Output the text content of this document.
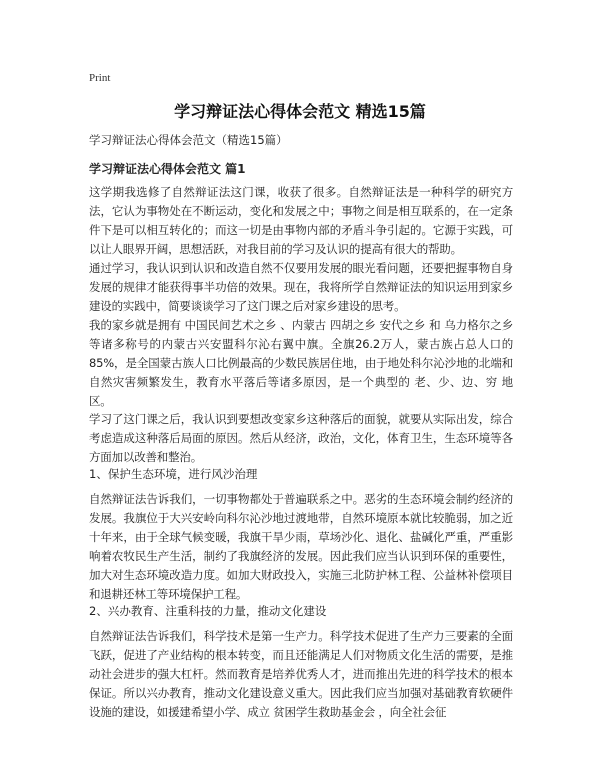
Print
学习辩证法心得体会范文 精选15篇
学习辩证法心得体会范文（精选15篇）
学习辩证法心得体会范文 篇1

这学期我选修了自然辩证法这门课，收获了很多。自然辩证法是一种科学的研究方法，它认为事物处在不断运动，变化和发展之中；事物之间是相互联系的，在一定条件下是可以相互转化的；而这一切是由事物内部的矛盾斗争引起的。它源于实践，可以让人眼界开阔，思想活跃，对我目前的学习及认识的提高有很大的帮助。

通过学习，我认识到认识和改造自然不仅要用发展的眼光看问题，还要把握事物自身发展的规律才能获得事半功倍的效果。现在，我将所学自然辩证法的知识运用到家乡建设的实践中，简要谈谈学习了这门课之后对家乡建设的思考。

我的家乡就是拥有 中国民间艺术之乡 、内蒙古 四胡之乡 安代之乡 和 乌力格尔之乡 等诸多称号的内蒙古兴安盟科尔沁右翼中旗。全旗26.2万人，蒙古族占总人口的85%，是全国蒙古族人口比例最高的少数民族居住地，由于地处科尔沁沙地的北端和自然灾害频繁发生，教育水平落后等诸多原因，是一个典型的 老、少、边、穷 地区。

学习了这门课之后，我认识到要想改变家乡这种落后的面貌，就要从实际出发，综合考虑造成这种落后局面的原因。然后从经济，政治，文化，体育卫生，生态环境等各方面加以改善和整治。

1、保护生态环境，进行风沙治理

自然辩证法告诉我们，一切事物都处于普遍联系之中。恶劣的生态环境会制约经济的发展。我旗位于大兴安岭向科尔沁沙地过渡地带，自然环境原本就比较脆弱，加之近十年来，由于全球气候变暖，我旗干旱少雨，草场沙化、退化、盐碱化严重，严重影响着农牧民生产生活，制约了我旗经济的发展。因此我们应当认识到环保的重要性，加大对生态环境改造力度。如加大财政投入，实施三北防护林工程、公益林补偿项目和退耕还林工等环境保护工程。

2、兴办教育、注重科技的力量，推动文化建设

自然辩证法告诉我们，科学技术是第一生产力。科学技术促进了生产力三要素的全面飞跃，促进了产业结构的根本转变，而且还能满足人们对物质文化生活的需要，是推动社会进步的强大杠杆。然而教育是培养优秀人才，进而推出先进的科学技术的根本保证。所以兴办教育，推动文化建设意义重大。因此我们应当加强对基础教育软硬件设施的建设，如援建希望小学、成立 贫困学生救助基金会 ，向全社会征
